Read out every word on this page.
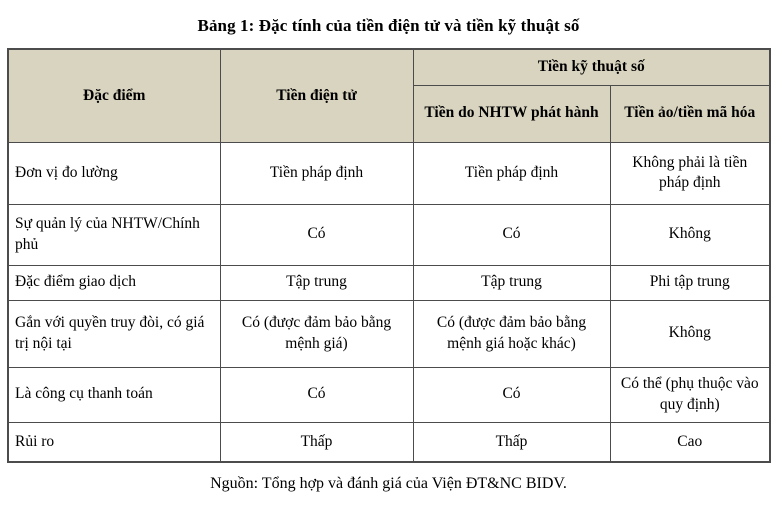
Bảng 1: Đặc tính của tiền điện tử và tiền kỹ thuật số
Đặc điểm	Tiền điện tử	Tiền kỹ thuật số	
		Tiền do NHTW phát hành	Tiền ảo/tiền mã hóa
Đơn vị đo lường	Tiền pháp định	Tiền pháp định	Không phải là tiền pháp định
Sự quản lý của NHTW/Chính phủ	Có	Có	Không
Đặc điểm giao dịch	Tập trung	Tập trung	Phi tập trung
Gắn với quyền truy đòi, có giá trị nội tại	Có (được đảm bảo bằng mệnh giá)	Có (được đảm bảo bằng mệnh giá hoặc khác)	Không
Là công cụ thanh toán	Có	Có	Có thể (phụ thuộc vào quy định)
Rủi ro	Thấp	Thấp	Cao

Nguồn: Tổng hợp và đánh giá của Viện ĐT&NC BIDV.
